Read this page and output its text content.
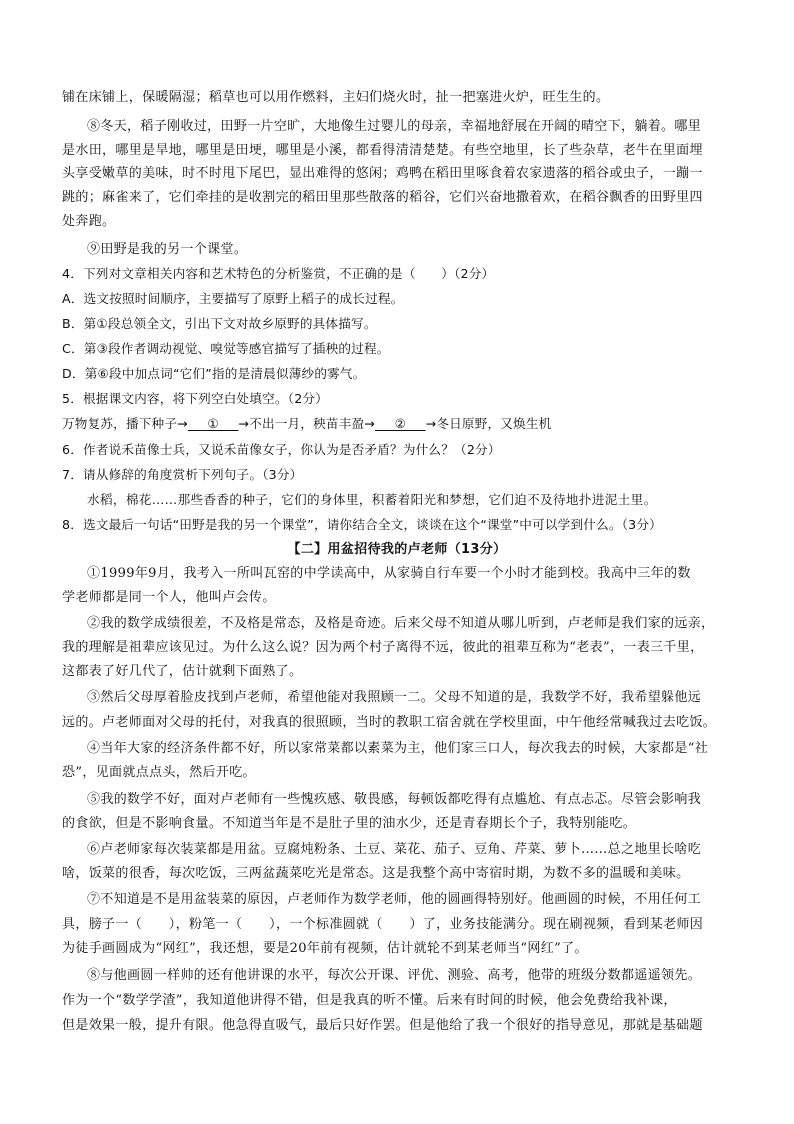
铺在床铺上，保暖隔湿；稻草也可以用作燃料，主妇们烧火时，扯一把塞进火炉，旺生生的。
⑧冬天，稻子刚收过，田野一片空旷，大地像生过婴儿的母亲，幸福地舒展在开阔的晴空下，躺着。哪里
是水田，哪里是旱地，哪里是田埂，哪里是小溪，都看得清清楚楚。有些空地里，长了些杂草，老牛在里面埋
头享受嫩草的美味，时不时甩下尾巴，显出难得的悠闲；鸡鸭在稻田里啄食着农家遗落的稻谷或虫子，一蹦一
跳的；麻雀来了，它们牵挂的是收割完的稻田里那些散落的稻谷，它们兴奋地撒着欢，在稻谷飘香的田野里四
处奔跑。
⑨田野是我的另一个课堂。
4．下列对文章相关内容和艺术特色的分析鉴赏，不正确的是（　　）（2分）
A．选文按照时间顺序，主要描写了原野上稻子的成长过程。
B．第①段总领全文，引出下文对故乡原野的具体描写。
C．第③段作者调动视觉、嗅觉等感官描写了插秧的过程。
D．第⑥段中加点词“它们”指的是清晨似薄纱的雾气。
5．根据课文内容，将下列空白处填空。（2分）
万物复苏，播下种子→    ①    →不出一月，秧苗丰盈→    ②    →冬日原野，又焕生机
6．作者说禾苗像士兵，又说禾苗像女子，你认为是否矛盾？为什么？（2分）
7．请从修辞的角度赏析下列句子。（3分）
水稻，棉花……那些香香的种子，它们的身体里，积蓄着阳光和梦想，它们迫不及待地扑进泥土里。
8．选文最后一句话“田野是我的另一个课堂”，请你结合全文，谈谈在这个“课堂”中可以学到什么。（3分）
【二】用盆招待我的卢老师（13分）
①1999年9月，我考入一所叫瓦窑的中学读高中，从家骑自行车要一个小时才能到校。我高中三年的数
学老师都是同一个人，他叫卢会传。
②我的数学成绩很差，不及格是常态，及格是奇迹。后来父母不知道从哪儿听到，卢老师是我们家的远亲，
我的理解是祖辈应该见过。为什么这么说？因为两个村子离得不远，彼此的祖辈互称为“老表”，一表三千里，
这都表了好几代了，估计就剩下面熟了。
③然后父母厚着脸皮找到卢老师，希望他能对我照顾一二。父母不知道的是，我数学不好，我希望躲他远
远的。卢老师面对父母的托付，对我真的很照顾，当时的教职工宿舍就在学校里面，中午他经常喊我过去吃饭。
④当年大家的经济条件都不好，所以家常菜都以素菜为主，他们家三口人，每次我去的时候，大家都是“社
恐”，见面就点点头，然后开吃。
⑤我的数学不好，面对卢老师有一些愧疚感、敬畏感，每顿饭都吃得有点尴尬、有点忐忑。尽管会影响我
的食欲，但是不影响食量。不知道当年是不是肚子里的油水少，还是青春期长个子，我特别能吃。
⑥卢老师家每次装菜都是用盆。豆腐炖粉条、土豆、菜花、茄子、豆角、芹菜、萝卜……总之地里长啥吃
啥，饭菜的很香，每次吃饭，三两盆蔬菜吃光是常态。这是我整个高中寄宿时期，为数不多的温暖和美味。
⑦不知道是不是用盆装菜的原因，卢老师作为数学老师，他的圆画得特别好。他画圆的时候，不用任何工
具，膀子一（　　），粉笔一（　　），一个标准圆就（　　）了，业务技能满分。现在刷视频，看到某老师因
为徒手画圆成为“网红”，我还想，要是20年前有视频，估计就轮不到某老师当“网红”了。
⑧与他画圆一样帅的还有他讲课的水平，每次公开课、评优、测验、高考，他带的班级分数都遥遥领先。
作为一个“数学学渣”，我知道他讲得不错，但是我真的听不懂。后来有时间的时候，他会免费给我补课，
但是效果一般，提升有限。他急得直吸气，最后只好作罢。但是他给了我一个很好的指导意见，那就是基础题
